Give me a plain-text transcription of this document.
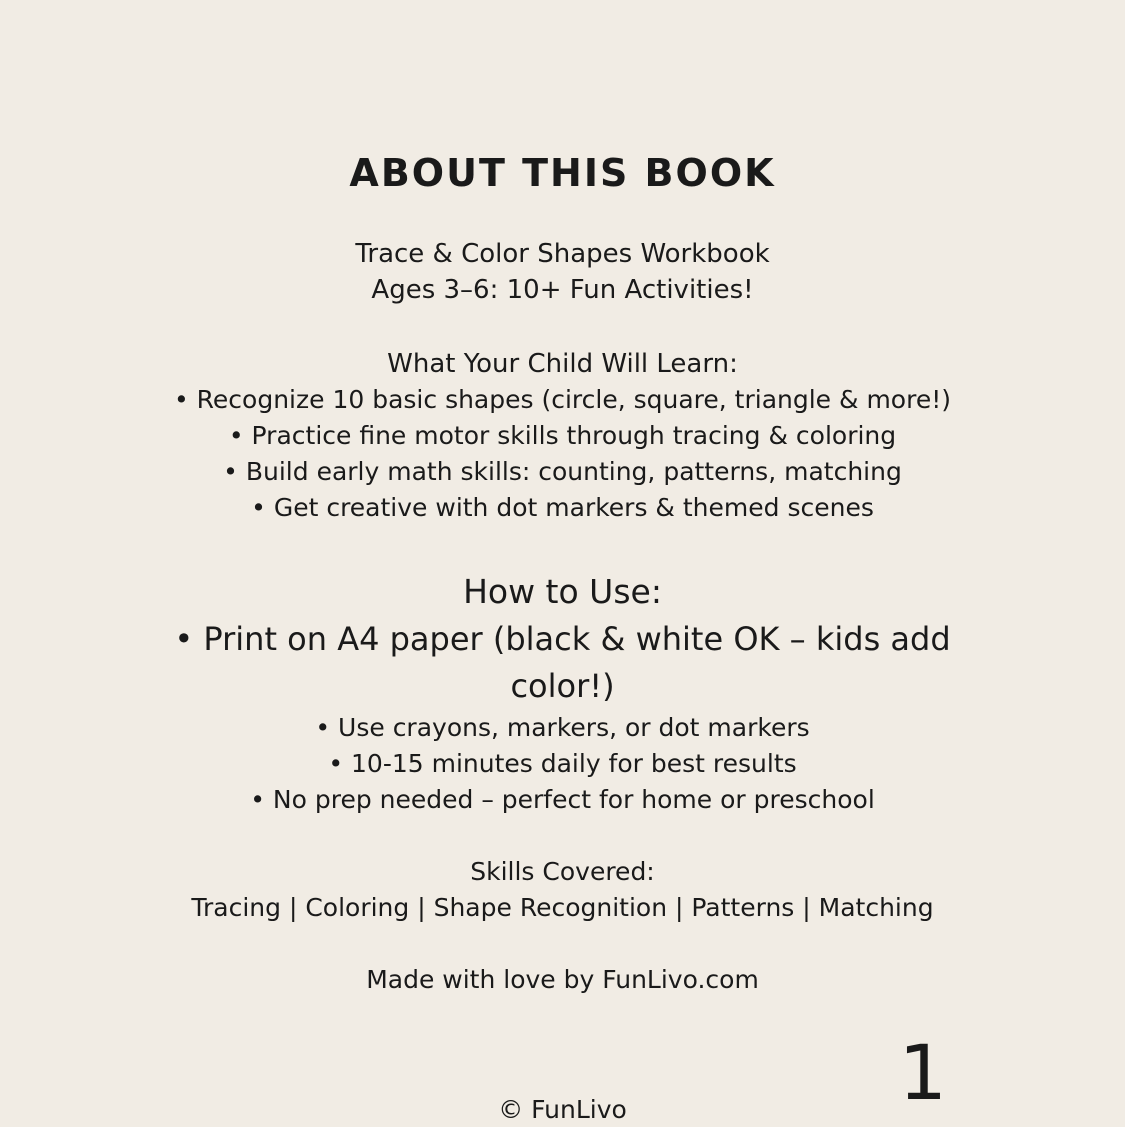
ABOUT THIS BOOK
Trace & Color Shapes Workbook
Ages 3–6: 10+ Fun Activities!
What Your Child Will Learn:
• Recognize 10 basic shapes (circle, square, triangle & more!)
• Practice fine motor skills through tracing & coloring
• Build early math skills: counting, patterns, matching
• Get creative with dot markers & themed scenes
How to Use:
• Print on A4 paper (black & white OK – kids add color!)
• Use crayons, markers, or dot markers
• 10-15 minutes daily for best results
• No prep needed – perfect for home or preschool
Skills Covered:
Tracing | Coloring | Shape Recognition | Patterns | Matching
Made with love by FunLivo.com
1
© FunLivo
